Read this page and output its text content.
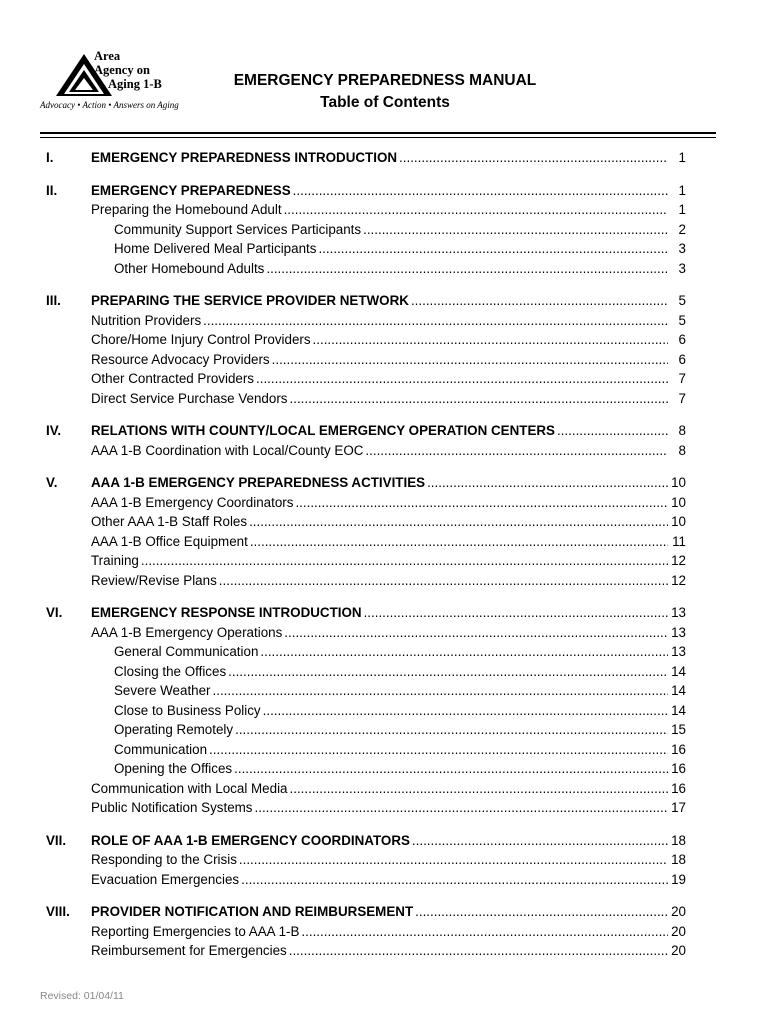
Area
Agency on
Aging 1-B
Advocacy • Action • Answers on Aging
EMERGENCY PREPAREDNESS MANUAL
Table of Contents
I.	EMERGENCY PREPAREDNESS INTRODUCTION .....	1
II.	EMERGENCY PREPAREDNESS .....	1
Preparing the Homebound Adult .....	1
Community Support Services Participants .....	2
Home Delivered Meal Participants .....	3
Other Homebound Adults .....	3
III.	PREPARING THE SERVICE PROVIDER NETWORK .....	5
Nutrition Providers .....	5
Chore/Home Injury Control Providers .....	6
Resource Advocacy Providers .....	6
Other Contracted Providers .....	7
Direct Service Purchase Vendors .....	7
IV.	RELATIONS WITH COUNTY/LOCAL EMERGENCY OPERATION CENTERS .....	8
AAA 1-B Coordination with Local/County EOC .....	8
V.	AAA 1-B EMERGENCY PREPAREDNESS ACTIVITIES .....	10
AAA 1-B Emergency Coordinators .....	10
Other AAA 1-B Staff Roles .....	10
AAA 1-B Office Equipment .....	11
Training .....	12
Review/Revise Plans .....	12
VI.	EMERGENCY RESPONSE INTRODUCTION .....	13
AAA 1-B Emergency Operations .....	13
General Communication .....	13
Closing the Offices .....	14
Severe Weather .....	14
Close to Business Policy .....	14
Operating Remotely .....	15
Communication .....	16
Opening the Offices .....	16
Communication with Local Media .....	16
Public Notification Systems .....	17
VII.	ROLE OF AAA 1-B EMERGENCY COORDINATORS .....	18
Responding to the Crisis .....	18
Evacuation Emergencies .....	19
VIII.	PROVIDER NOTIFICATION AND REIMBURSEMENT .....	20
Reporting Emergencies to AAA 1-B .....	20
Reimbursement for Emergencies .....	20
Revised: 01/04/11
